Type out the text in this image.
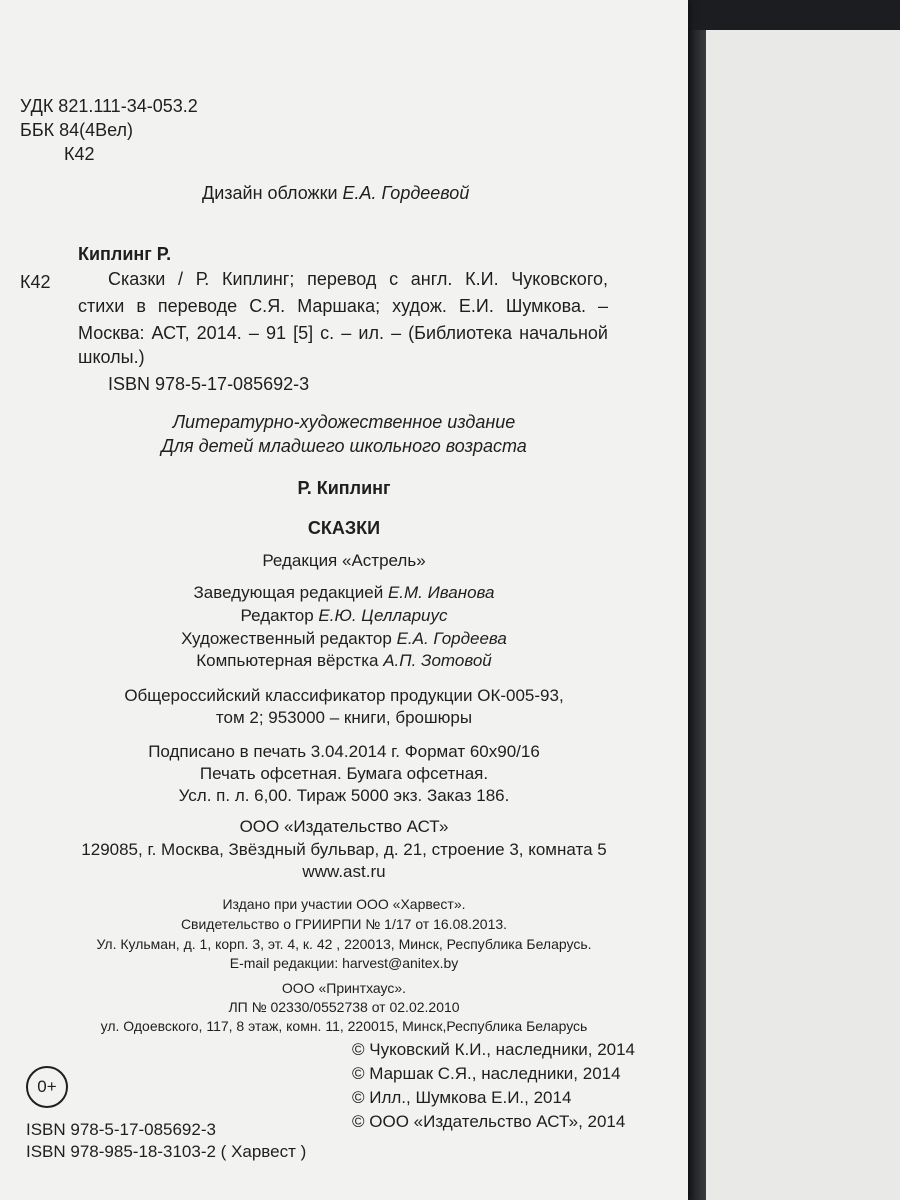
УДК 821.111-34-053.2
ББК 84(4Вел)
К42
Дизайн обложки Е.А. Гордеевой
Киплинг Р.
К42	Сказки / Р. Киплинг; перевод с англ. К.И. Чуковского,
стихи в переводе С.Я. Маршака; худож. Е.И. Шумкова. –
Москва: АСТ, 2014. – 91 [5] с. – ил. – (Библиотека начальной
школы.)
ISBN 978-5-17-085692-3
Литературно-художественное издание
Для детей младшего школьного возраста
Р. Киплинг
СКАЗКИ
Редакция «Астрель»
Заведующая редакцией Е.М. Иванова
Редактор Е.Ю. Целлариус
Художественный редактор Е.А. Гордеева
Компьютерная вёрстка А.П. Зотовой
Общероссийский классификатор продукции ОК-005-93,
том 2; 953000 – книги, брошюры
Подписано в печать 3.04.2014 г. Формат 60х90/16
Печать офсетная. Бумага офсетная.
Усл. п. л. 6,00. Тираж 5000 экз. Заказ 186.
ООО «Издательство АСТ»
129085, г. Москва, Звёздный бульвар, д. 21, строение 3, комната 5
www.ast.ru
Издано при участии ООО «Харвест».
Свидетельство о ГРИИРПИ № 1/17 от 16.08.2013.
Ул. Кульман, д. 1, корп. 3, эт. 4, к. 42 , 220013, Минск, Республика Беларусь.
E-mail редакции: harvest@anitex.by
ООО «Принтхаус».
ЛП № 02330/0552738 от 02.02.2010
ул. Одоевского, 117, 8 этаж, комн. 11, 220015, Минск,Республика Беларусь
0+
ISBN 978-5-17-085692-3
ISBN 978-985-18-3103-2 ( Харвест )
© Чуковский К.И., наследники, 2014
© Маршак С.Я., наследники, 2014
© Илл., Шумкова Е.И., 2014
© ООО «Издательство АСТ», 2014
